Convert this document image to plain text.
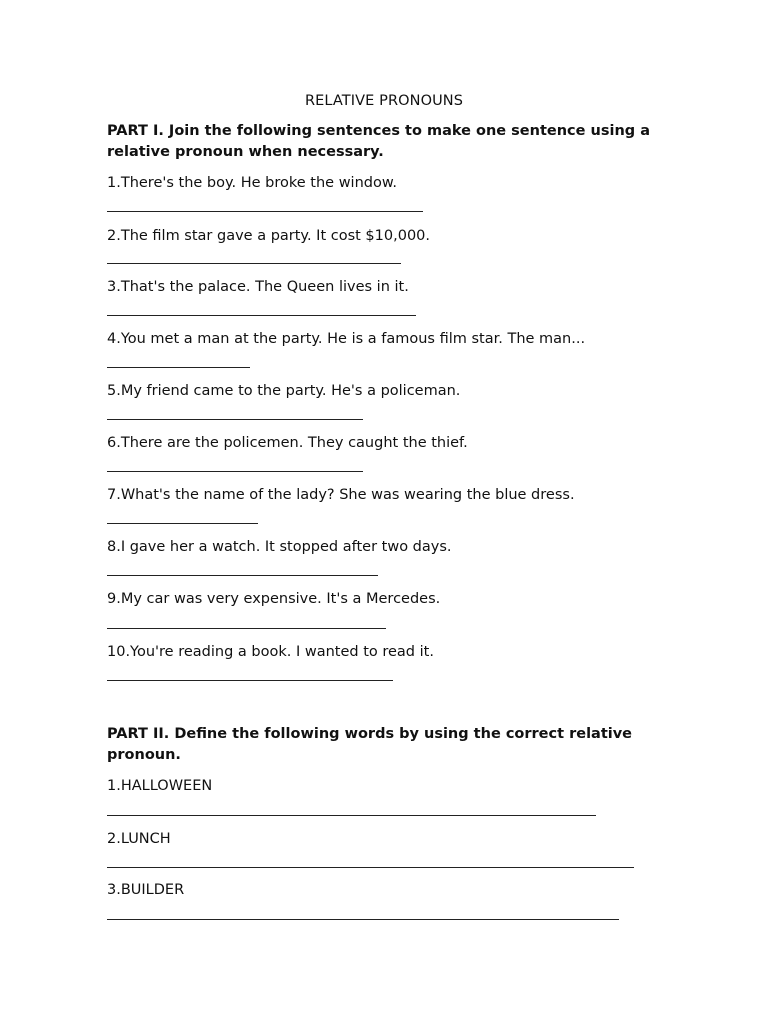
RELATIVE PRONOUNS
PART I. Join the following sentences to make one sentence using a relative pronoun when necessary.
1.There's the boy. He broke the window.
2.The film star gave a party. It cost $10,000.
3.That's the palace. The Queen lives in it.
4.You met a man at the party. He is a famous film star. The man...
5.My friend came to the party. He's a policeman.
6.There are the policemen. They caught the thief.
7.What's the name of the lady? She was wearing the blue dress.
8.I gave her a watch. It stopped after two days.
9.My car was very expensive. It's a Mercedes.
10.You're reading a book. I wanted to read it.
PART II. Define the following words by using the correct relative pronoun.
1.HALLOWEEN
2.LUNCH
3.BUILDER
